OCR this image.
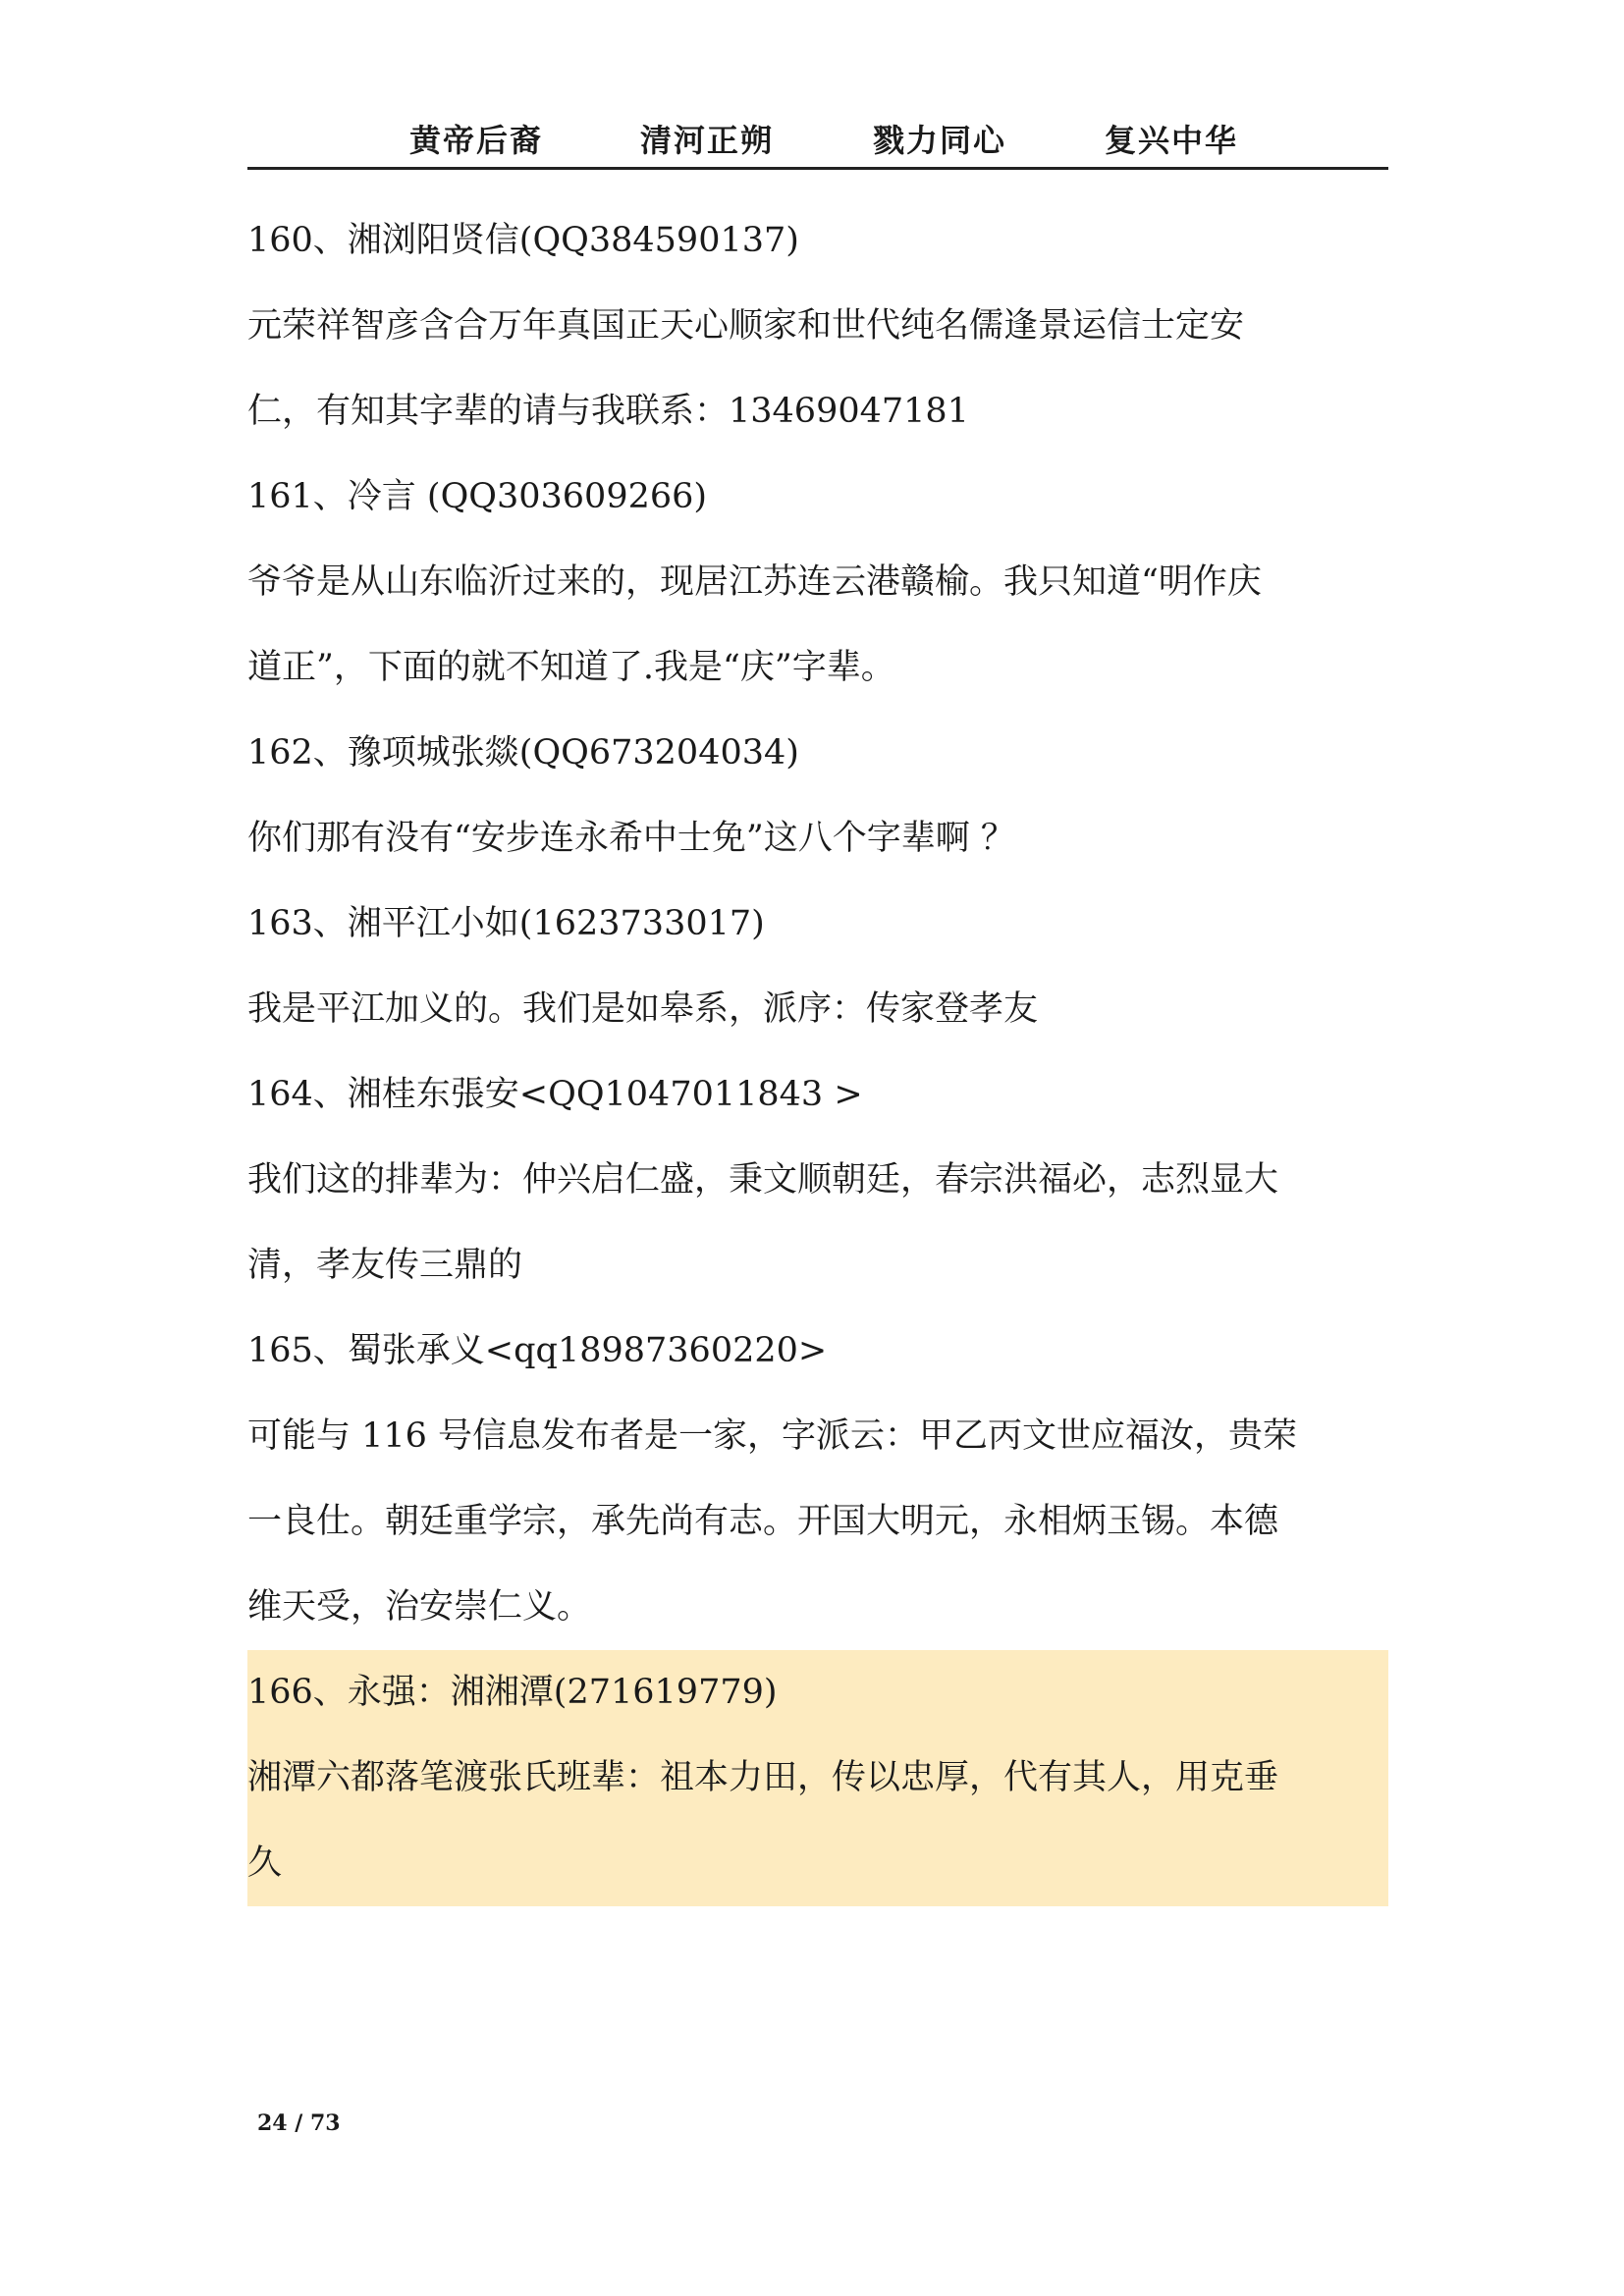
黄帝后裔	清河正朔	戮力同心	复兴中华
160、湘浏阳贤信(QQ384590137)
元荣祥智彦含合万年真国正天心顺家和世代纯名儒逢景运信士定安
仁，有知其字辈的请与我联系：13469047181
161、冷言 (QQ303609266)
爷爷是从山东临沂过来的，现居江苏连云港赣榆。我只知道“明作庆
道正”，下面的就不知道了.我是“庆”字辈。
162、豫项城张燚(QQ673204034)
你们那有没有“安步连永希中士免”这八个字辈啊 ？
163、湘平江小如(1623733017)
我是平江加义的。我们是如皋系，派序：传家登孝友
164、湘桂东張安<QQ1047011843 >
我们这的排辈为：仲兴启仁盛，秉文顺朝廷，春宗洪福必，志烈显大
清，孝友传三鼎的
165、蜀张承义<qq18987360220>
可能与 116 号信息发布者是一家，字派云：甲乙丙文世应福汝，贵荣
一良仕。朝廷重学宗，承先尚有志。开国大明元，永相炳玉锡。本德
维天受，治安崇仁义。
166、永强：湘湘潭(271619779)
湘潭六都落笔渡张氏班辈：祖本力田，传以忠厚，代有其人，用克垂
久
24 / 73
